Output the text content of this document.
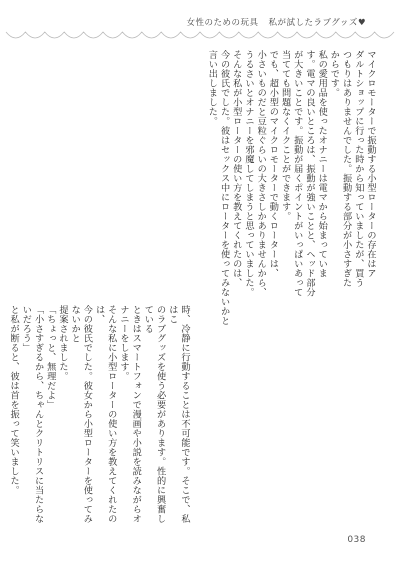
女性のための玩具 私が試したラブグッズ♥

マイクロモーターで振動する小型ローターの存在はア

ダルトショップに行った時から知っていましたが、買う

つもりはありませんでした。振動する部分が小さすぎた

からです。

私の愛用品を使ったオナニーは電マから始まっていま

す。電マの良いところは、振動が強いことと、ヘッド部分

が大きいことです。振動が届くポイントがいっぱいあって

当てても問題なくイクことができます。

でも、超小型のマイクロモーターで動くローターは、

小さいものだと豆粒ぐらいの大きさしかありませんから、

うるさいとオナニーを邪魔してしまうと思っていました。

そんな私が小型ローターの使い方を教えてくれたのは、

今の彼氏でした。彼はセックス中にローターを使ってみないかと

言い出しました。

時、冷静に行動することは不可能です。そこで、私はこ

のラブグッズを使う必要があります。性的に興奮している

ときはスマートフォンで漫画や小説を読みながらオナニーをします。

そんな私に小型ローターの使い方を教えてくれたのは、

今の彼氏でした。彼女から小型ローターを使ってみないかと

提案されました。

「ちょっと、無理だよ」

「小さすぎるから、ちゃんとクリトリスに当たらないだろう」

と私が断ると、彼は首を振って笑いました。

038
